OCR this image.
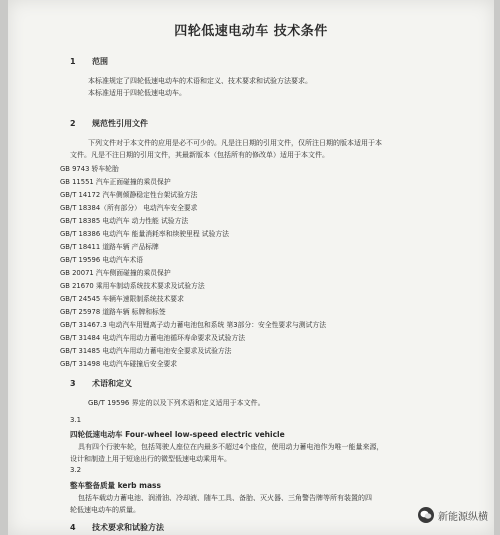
四轮低速电动车 技术条件
1 范围
本标准规定了四轮低速电动车的术语和定义、技术要求和试验方法要求。
本标准适用于四轮低速电动车。
2 规范性引用文件
下列文件对于本文件的应用是必不可少的。凡是注日期的引用文件，仅所注日期的版本适用于本
文件。凡是不注日期的引用文件，其最新版本（包括所有的修改单）适用于本文件。
GB 9743 轿车轮胎
GB 11551 汽车正面碰撞的乘员保护
GB/T 14172 汽车侧倾静稳定性台架试验方法
GB/T 18384（所有部分） 电动汽车安全要求
GB/T 18385 电动汽车 动力性能 试验方法
GB/T 18386 电动汽车 能量消耗率和续驶里程 试验方法
GB/T 18411 道路车辆 产品标牌
GB/T 19596 电动汽车术语
GB 20071 汽车侧面碰撞的乘员保护
GB 21670 乘用车制动系统技术要求及试验方法
GB/T 24545 车辆车速限制系统技术要求
GB/T 25978 道路车辆 标牌和标签
GB/T 31467.3 电动汽车用锂离子动力蓄电池包和系统 第3部分：安全性要求与测试方法
GB/T 31484 电动汽车用动力蓄电池循环寿命要求及试验方法
GB/T 31485 电动汽车用动力蓄电池安全要求及试验方法
GB/T 31498 电动汽车碰撞后安全要求
3 术语和定义
GB/T 19596 界定的以及下列术语和定义适用于本文件。
3.1
四轮低速电动车 Four-wheel low-speed electric vehicle
具有四个行驶车轮，包括驾驶人座位在内最多不超过4个座位，使用动力蓄电池作为唯一能量来源，
设计和制造上用于短途出行的微型低速电动乘用车。
3.2
整车整备质量 kerb mass
包括车载动力蓄电池、润滑油、冷却液、随车工具、备胎、灭火器、三角警告牌等所有装置的四
轮低速电动车的质量。
4 技术要求和试验方法
新能源纵横
